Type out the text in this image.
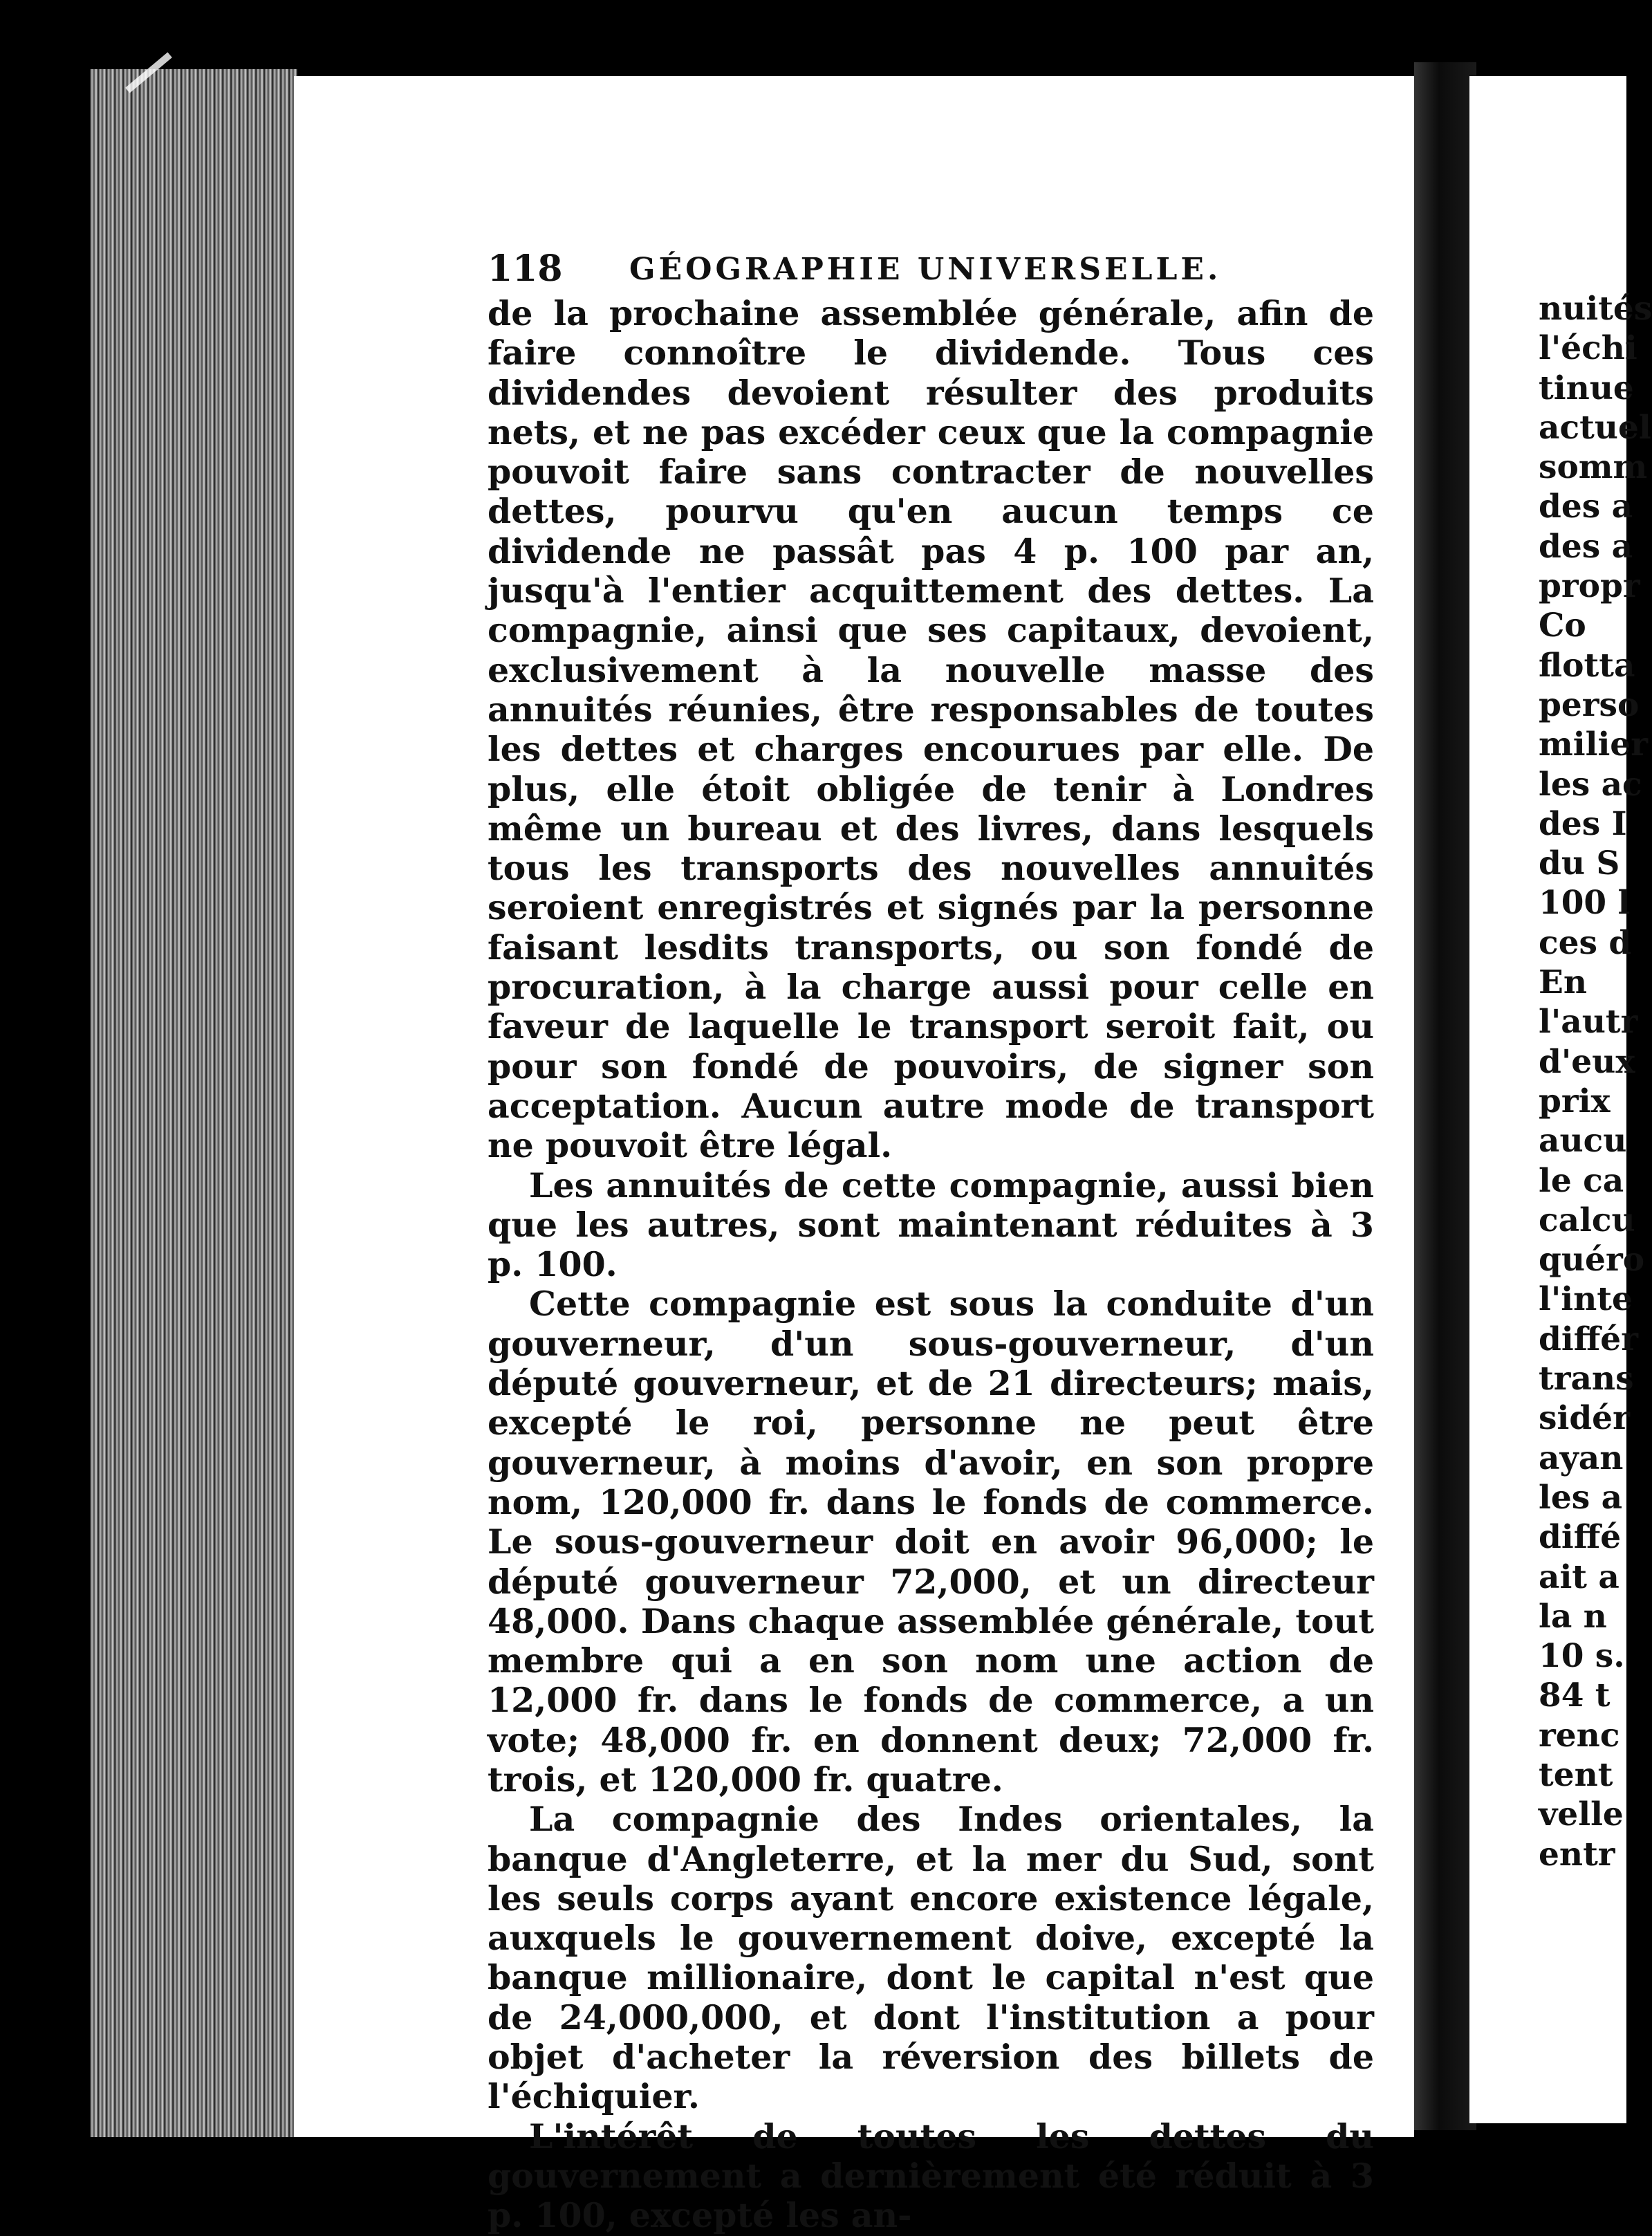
118 GÉOGRAPHIE UNIVERSELLE.

de la prochaine assemblée générale, afin de faire connoître le dividende. Tous ces dividendes devoient résulter des produits nets, et ne pas excéder ceux que la compagnie pouvoit faire sans contracter de nouvelles dettes, pourvu qu'en aucun temps ce dividende ne passât pas 4 p. 100 par an, jusqu'à l'entier acquittement des dettes. La compagnie, ainsi que ses capitaux, devoient, exclusivement à la nouvelle masse des annuités réunies, être responsables de toutes les dettes et charges encourues par elle. De plus, elle étoit obligée de tenir à Londres même un bureau et des livres, dans lesquels tous les transports des nouvelles annuités seroient enregistrés et signés par la personne faisant lesdits transports, ou son fondé de procuration, à la charge aussi pour celle en faveur de laquelle le transport seroit fait, ou pour son fondé de pouvoirs, de signer son acceptation. Aucun autre mode de transport ne pouvoit être légal.

Les annuités de cette compagnie, aussi bien que les autres, sont maintenant réduites à 3 p. 100.

Cette compagnie est sous la conduite d'un gouverneur, d'un sous-gouverneur, d'un député gouverneur, et de 21 directeurs; mais, excepté le roi, personne ne peut être gouverneur, à moins d'avoir, en son propre nom, 120,000 fr. dans le fonds de commerce. Le sous-gouverneur doit en avoir 96,000; le député gouverneur 72,000, et un directeur 48,000. Dans chaque assemblée générale, tout membre qui a en son nom une action de 12,000 fr. dans le fonds de commerce, a un vote; 48,000 fr. en donnent deux; 72,000 fr. trois, et 120,000 fr. quatre.

La compagnie des Indes orientales, la banque d'Angleterre, et la mer du Sud, sont les seuls corps ayant encore existence légale, auxquels le gouvernement doive, excepté la banque millionaire, dont le capital n'est que de 24,000,000, et dont l'institution a pour objet d'acheter la réversion des billets de l'échiquier.

L'intérêt de toutes les dettes du gouvernement a dernièrement été réduit à 3 p. 100, excepté les an-

nuités
l'échi
tinue
actuel
somm
des a
des a
propr
Co
flotta
perso
milier
les ac
des I
du S
100 l
ces d
En
l'autr
d'eux
prix
aucu
le ca
calcu
quéro
l'inte
différ
trans
sidér
ayan
les a
diffé
ait a
la n
10 s.
84 t
renc
tent
velle
entr
